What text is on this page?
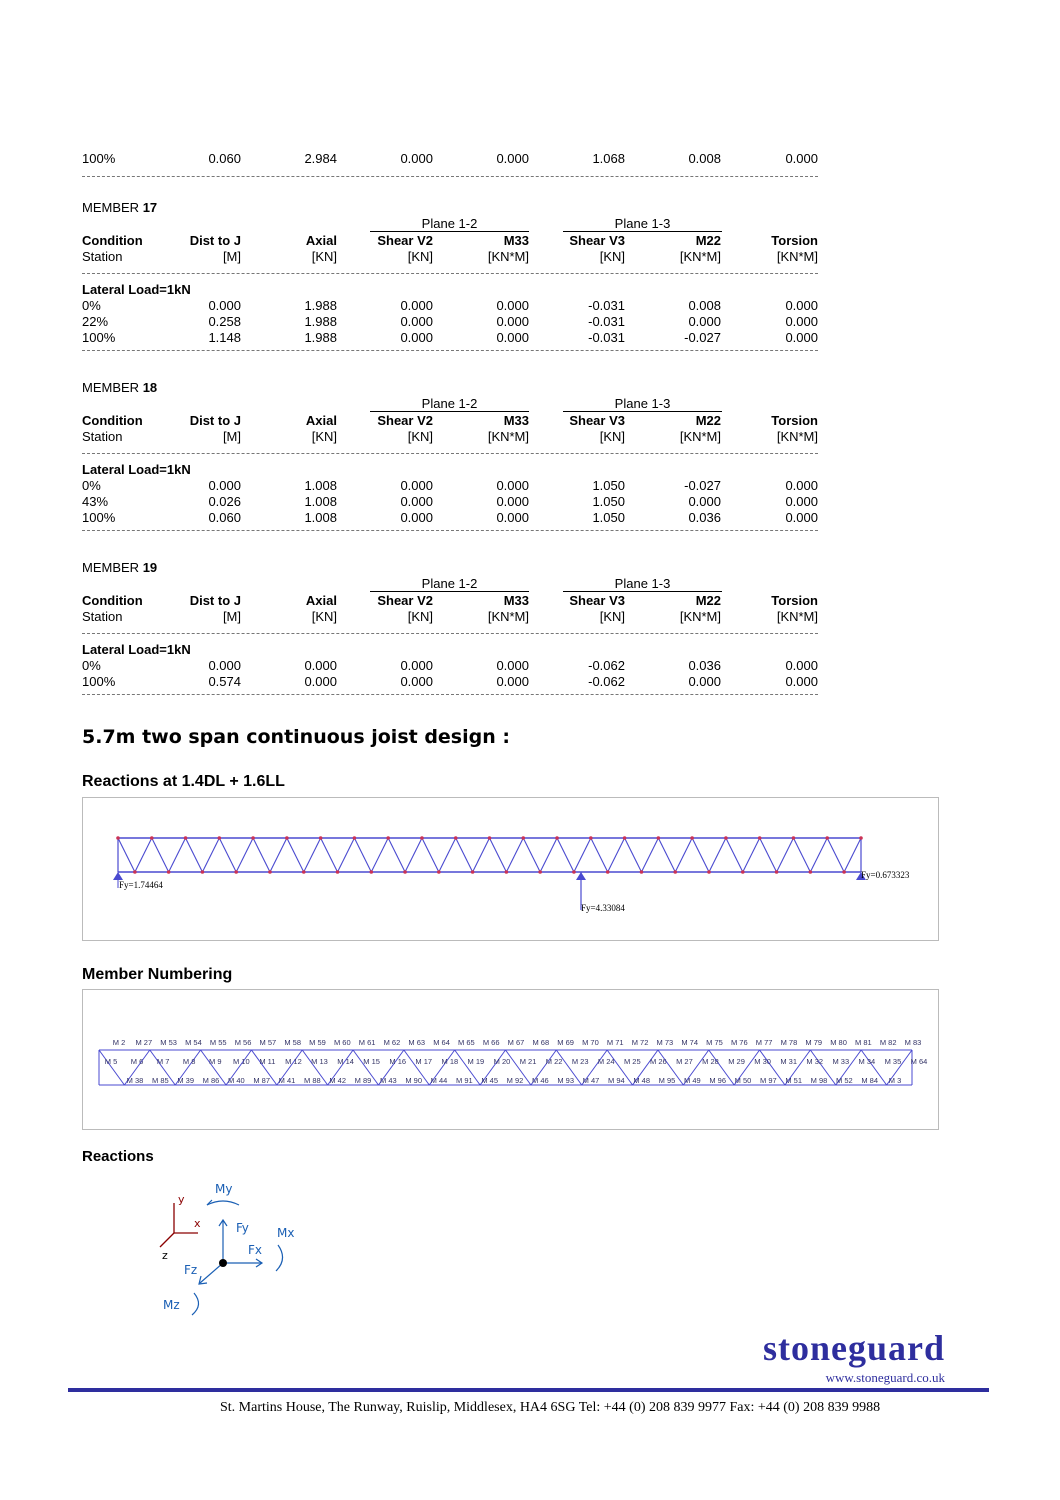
100%	0.060	2.984	0.000	0.000	1.068	0.008	0.000
MEMBER 17
Plane 1-2	Plane 1-3
Condition	Dist to J	Axial	Shear V2	M33	Shear V3	M22	Torsion
Station	[M]	[KN]	[KN]	[KN*M]	[KN]	[KN*M]	[KN*M]
Lateral Load=1kN
0%	0.000	1.988	0.000	0.000	-0.031	0.008	0.000
22%	0.258	1.988	0.000	0.000	-0.031	0.000	0.000
100%	1.148	1.988	0.000	0.000	-0.031	-0.027	0.000
MEMBER 18
Plane 1-2	Plane 1-3
Condition	Dist to J	Axial	Shear V2	M33	Shear V3	M22	Torsion
Station	[M]	[KN]	[KN]	[KN*M]	[KN]	[KN*M]	[KN*M]
Lateral Load=1kN
0%	0.000	1.008	0.000	0.000	1.050	-0.027	0.000
43%	0.026	1.008	0.000	0.000	1.050	0.000	0.000
100%	0.060	1.008	0.000	0.000	1.050	0.036	0.000
MEMBER 19
Plane 1-2	Plane 1-3
Condition	Dist to J	Axial	Shear V2	M33	Shear V3	M22	Torsion
Station	[M]	[KN]	[KN]	[KN*M]	[KN]	[KN*M]	[KN*M]
Lateral Load=1kN
0%	0.000	0.000	0.000	0.000	-0.062	0.036	0.000
100%	0.574	0.000	0.000	0.000	-0.062	0.000	0.000
5.7m two span continuous joist design :
Reactions at 1.4DL + 1.6LL
Fy=1.74464
Fy=4.33084
Fy=0.673323
Member Numbering
M 2 M 27 M 53 M 54 M 55 M 56 M 57 M 58 M 59 M 60 M 61 M 62 M 63 M 64 M 65 M 66 M 67 M 68 M 69 M 70 M 71 M 72 M 73 M 74 M 75 M 76 M 77 M 78 M 79 M 80 M 81 M 82 M 83
M 5 M 6 M 7 M 8 M 9 M 10 M 11 M 12 M 13 M 14 M 15 M 16 M 17 M 18 M 19 M 20 M 21 M 22 M 23 M 24 M 25 M 26 M 27 M 28 M 29 M 30 M 31 M 32 M 33 M 34 M 35 M 64
M 38 M 85 M 39 M 86 M 40 M 87 M 41 M 88 M 42 M 89 M 43 M 90 M 44 M 91 M 45 M 92 M 46 M 93 M 47 M 94 M 48 M 95 M 49 M 96 M 50 M 97 M 51 M 98 M 52 M 84 M 3
Reactions
y
x
z
My
Fy
Fx
Mx
Fz
Mz
stoneguard
www.stoneguard.co.uk
St. Martins House, The Runway, Ruislip, Middlesex, HA4 6SG Tel: +44 (0) 208 839 9977 Fax: +44 (0) 208 839 9988
